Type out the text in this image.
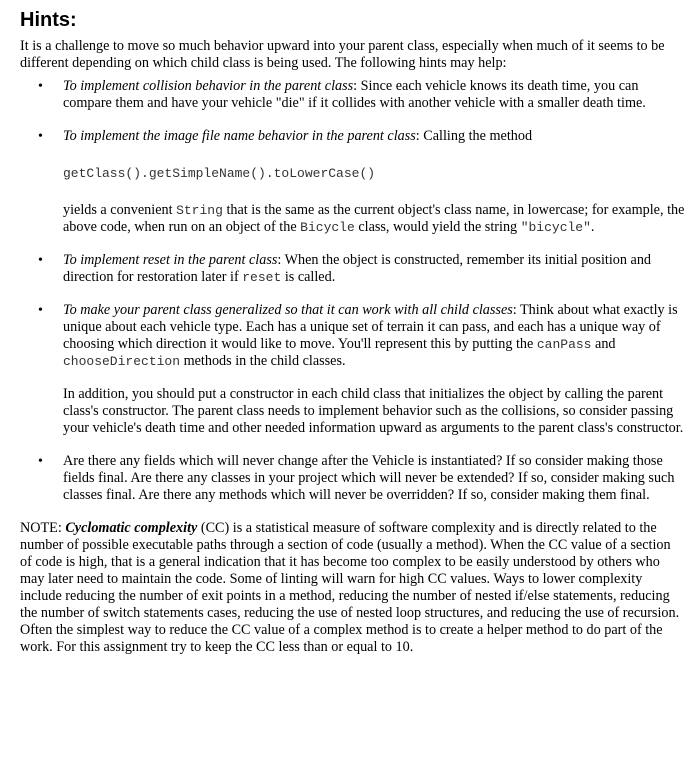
Hints:

It is a challenge to move so much behavior upward into your parent class, especially when much of it seems to be different depending on which child class is being used. The following hints may help:

• To implement collision behavior in the parent class: Since each vehicle knows its death time, you can compare them and have your vehicle "die" if it collides with another vehicle with a smaller death time.

• To implement the image file name behavior in the parent class: Calling the method

getClass().getSimpleName().toLowerCase()

yields a convenient String that is the same as the current object's class name, in lowercase; for example, the above code, when run on an object of the Bicycle class, would yield the string "bicycle".

• To implement reset in the parent class: When the object is constructed, remember its initial position and direction for restoration later if reset is called.

• To make your parent class generalized so that it can work with all child classes: Think about what exactly is unique about each vehicle type. Each has a unique set of terrain it can pass, and each has a unique way of choosing which direction it would like to move. You'll represent this by putting the canPass and chooseDirection methods in the child classes.

In addition, you should put a constructor in each child class that initializes the object by calling the parent class's constructor. The parent class needs to implement behavior such as the collisions, so consider passing your vehicle's death time and other needed information upward as arguments to the parent class's constructor.

• Are there any fields which will never change after the Vehicle is instantiated? If so consider making those fields final. Are there any classes in your project which will never be extended? If so, consider making such classes final. Are there any methods which will never be overridden? If so, consider making them final.

NOTE: Cyclomatic complexity (CC) is a statistical measure of software complexity and is directly related to the number of possible executable paths through a section of code (usually a method). When the CC value of a section of code is high, that is a general indication that it has become too complex to be easily understood by others who may later need to maintain the code. Some of linting will warn for high CC values. Ways to lower complexity include reducing the number of exit points in a method, reducing the number of nested if/else statements, reducing the number of switch statements cases, reducing the use of nested loop structures, and reducing the use of recursion. Often the simplest way to reduce the CC value of a complex method is to create a helper method to do part of the work. For this assignment try to keep the CC less than or equal to 10.
